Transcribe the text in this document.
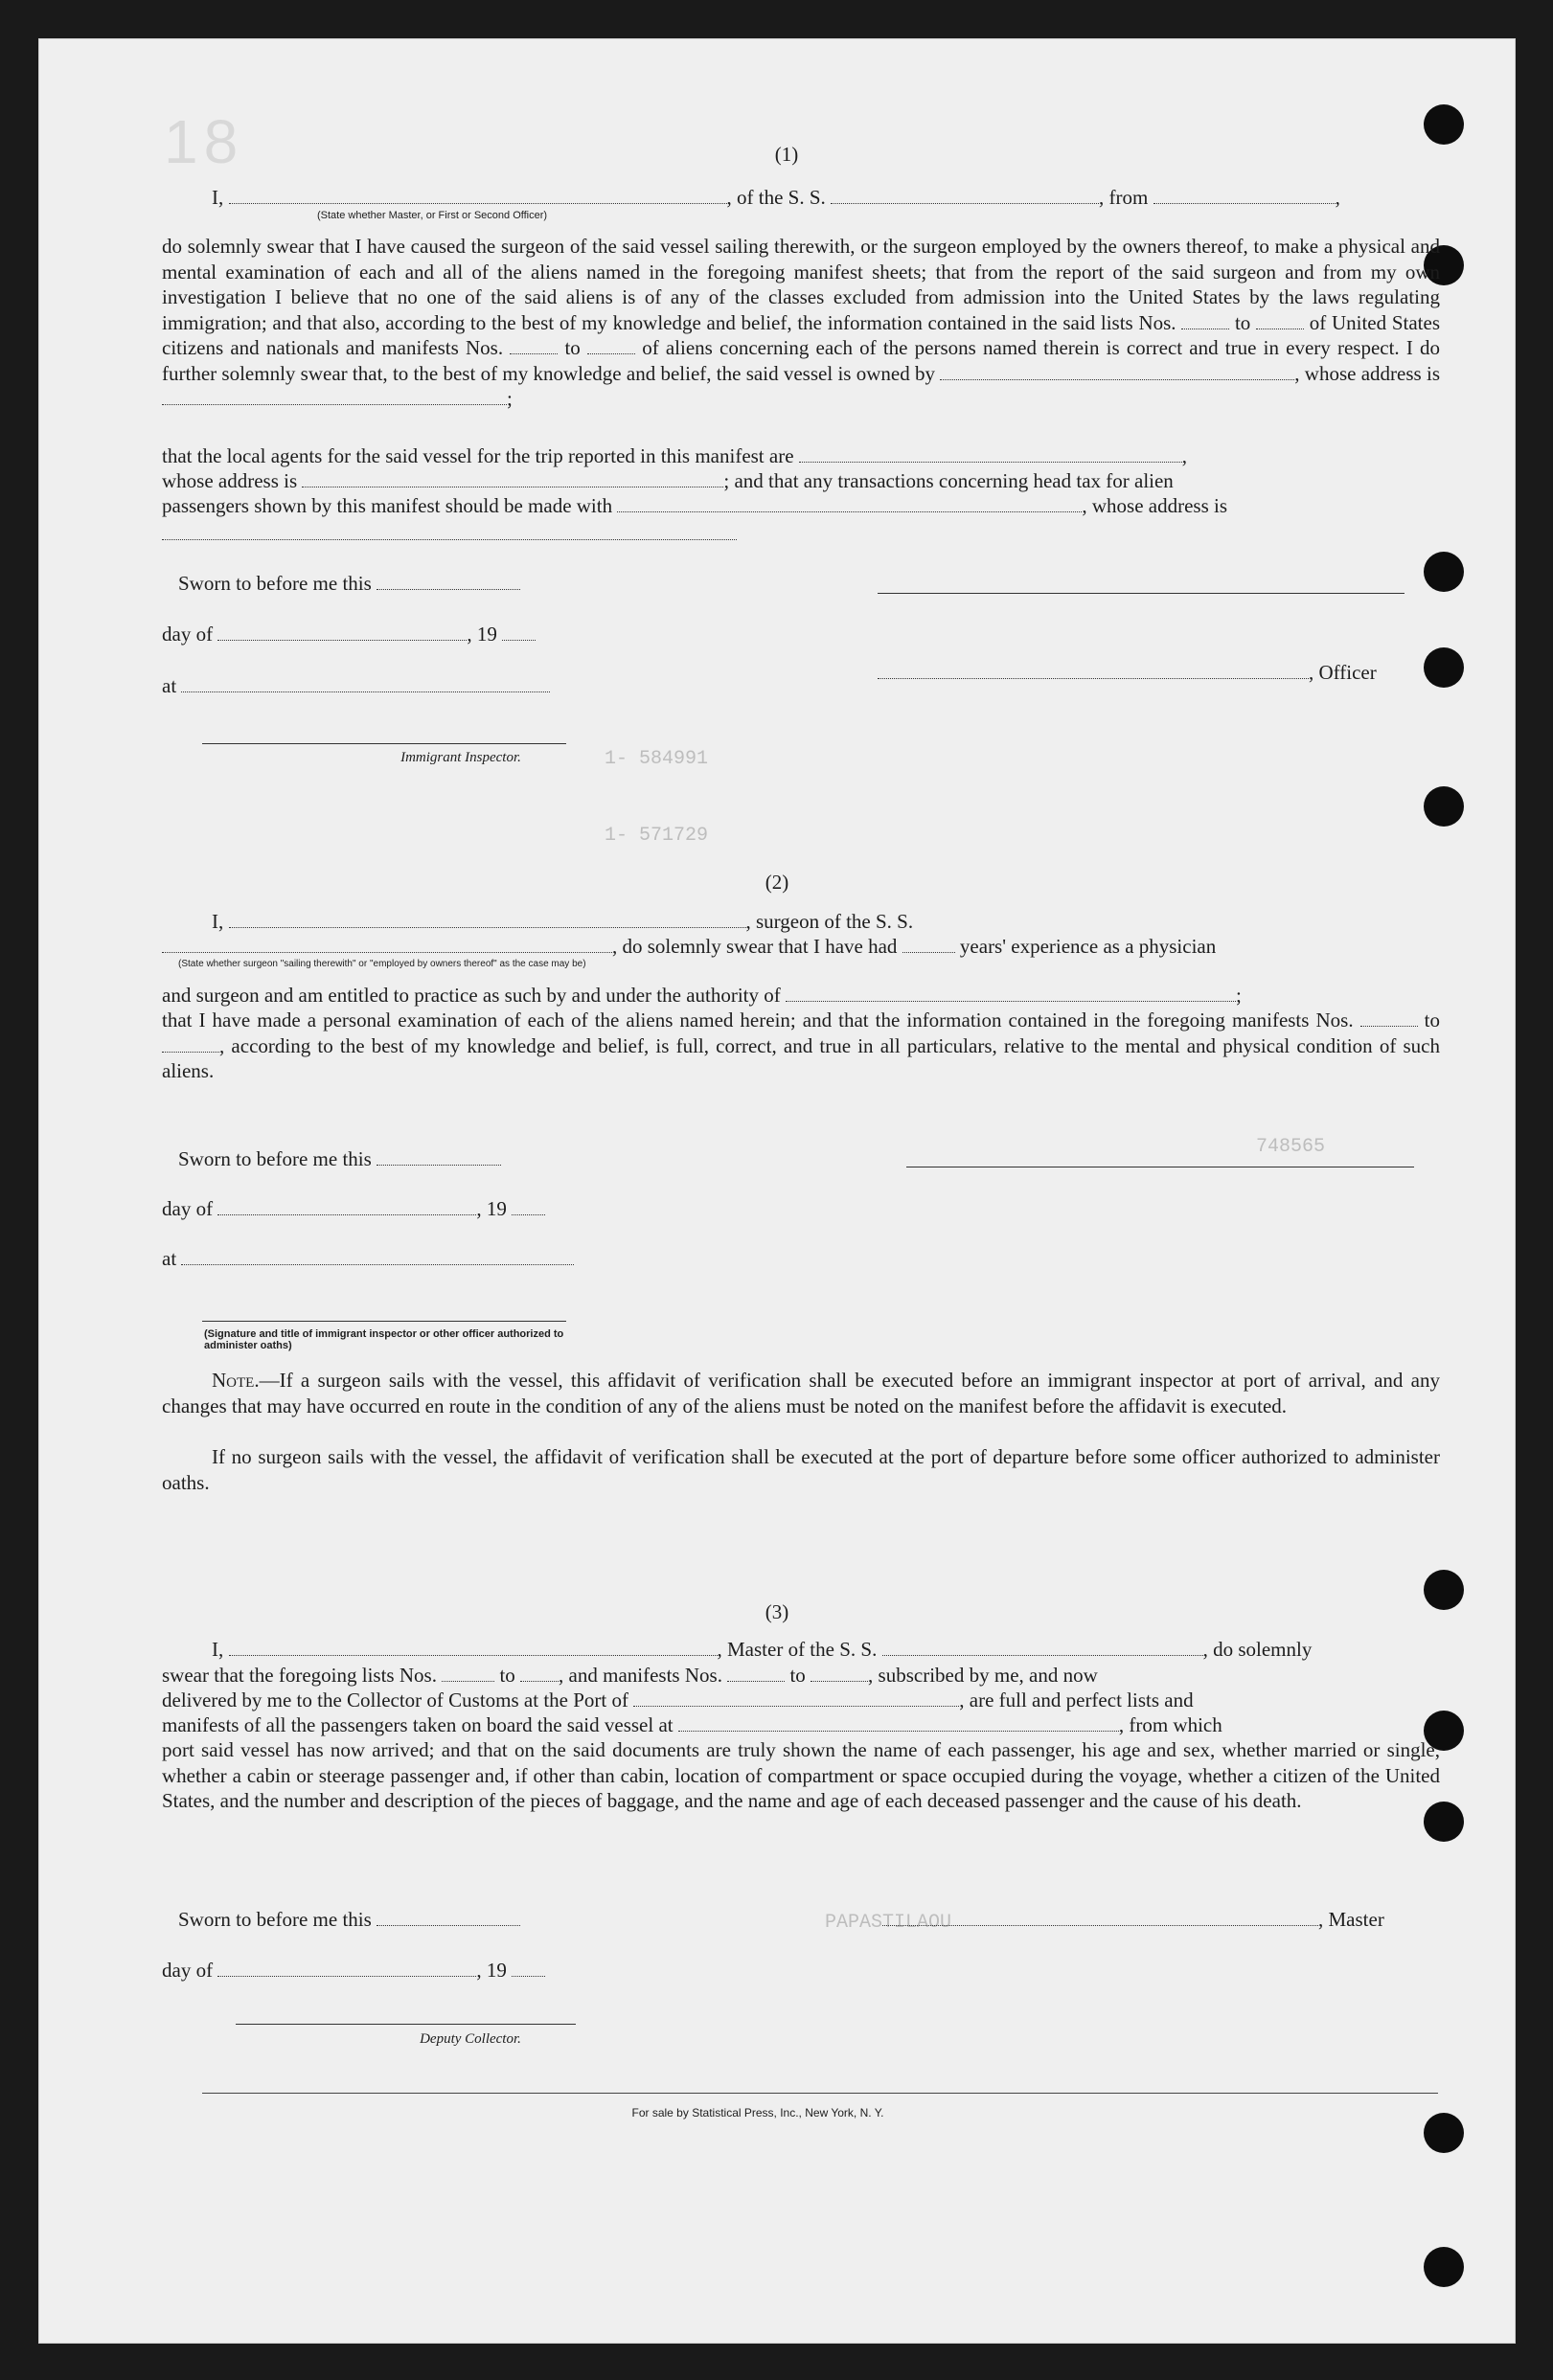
18
1- 584991
1- 571729
748565
PAPASTILAOU
(1)
I,	, of the S. S.	, from	,
(State whether Master, or First or Second Officer)

do solemnly swear that I have caused the surgeon of the said vessel sailing therewith, or the surgeon employed by the owners thereof, to make a physical and mental examination of each and all of the aliens named in the foregoing manifest sheets; that from the report of the said surgeon and from my own investigation I believe that no one of the said aliens is of any of the classes excluded from admission into the United States by the laws regulating immigration; and that also, according to the best of my knowledge and belief, the information contained in the said lists Nos.	to	of United States citizens and nationals and manifests Nos.	to	of aliens concerning each of the persons named therein is correct and true in every respect. I do further solemnly swear that, to the best of my knowledge and belief, the said vessel is owned by	, whose address is ;

that the local agents for the said vessel for the trip reported in this manifest are	,
whose address is	; and that any transactions concerning head tax for alien
passengers shown by this manifest should be made with	, whose address is
Sworn to before me this
day of	, 19
, Officer
at
Immigrant Inspector.
(2)
I,	, surgeon of the S. S.
, do solemnly swear that I have had	years' experience as a physician
(State whether surgeon "sailing therewith" or "employed by owners thereof" as the case may be)
and surgeon and am entitled to practice as such by and under the authority of	;

that I have made a personal examination of each of the aliens named herein; and that the information contained in the foregoing manifests Nos.	to , according to the best of my knowledge and belief, is full, correct, and true in all particulars, relative to the mental and physical condition of such aliens.

Sworn to before me this
day of	, 19
at
(Signature and title of immigrant inspector or other officer authorized to administer oaths)
Note.—If a surgeon sails with the vessel, this affidavit of verification shall be executed before an immigrant inspector at port of arrival, and any changes that may have occurred en route in the condition of any of the aliens must be noted on the manifest before the affidavit is executed.
If no surgeon sails with the vessel, the affidavit of verification shall be executed at the port of departure before some officer authorized to administer oaths.
(3)
I,	, Master of the S. S.	, do solemnly
swear that the foregoing lists Nos.	to , and manifests Nos.	to	, subscribed by me, and now
delivered by me to the Collector of Customs at the Port of	, are full and perfect lists and
manifests of all the passengers taken on board the said vessel at	, from which
port said vessel has now arrived; and that on the said documents are truly shown the name of each passenger, his age and sex, whether married or single, whether a cabin or steerage passenger and, if other than cabin, location of compartment or space occupied during the voyage, whether a citizen of the United States, and the number and description of the pieces of baggage, and the name and age of each deceased passenger and the cause of his death.
Sworn to before me this	, Master
day of	, 19
Deputy Collector.
For sale by Statistical Press, Inc., New York, N. Y.
